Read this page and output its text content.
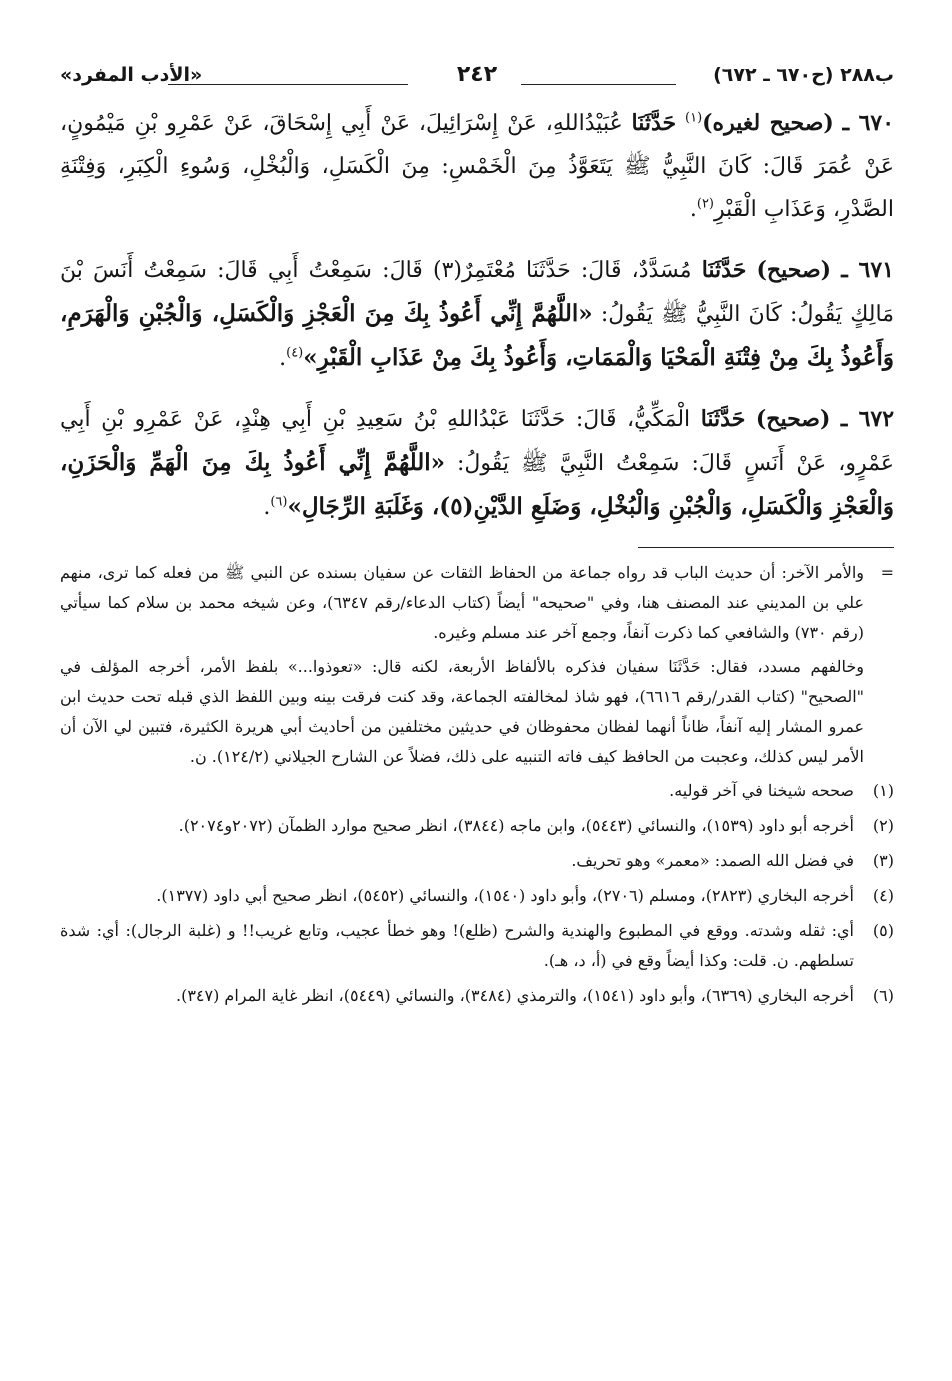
ب٢٨٨ (ح٦٧٠ ـ ٦٧٢)
٢٤٢
«الأدب المفرد»

٦٧٠ ـ (صحيح لغيره)$^{(١)}$ حَدَّثَنَا عُبَيْدُاللهِ، عَنْ إِسْرَائِيلَ، عَنْ أَبِي إِسْحَاقَ، عَنْ عَمْرِو بْنِ مَيْمُونٍ، عَنْ عُمَرَ قَالَ: كَانَ النَّبِيُّ ﷺ يَتَعَوَّذُ مِنَ الْخَمْسِ: مِنَ الْكَسَلِ، وَالْبُخْلِ، وَسُوءِ الْكِبَرِ، وَفِتْنَةِ الصَّدْرِ، وَعَذَابِ الْقَبْرِ$^{(٢)}$.

٦٧١ ـ (صحيح) حَدَّثَنَا مُسَدَّدٌ، قَالَ: حَدَّثَنَا مُعْتَمِرٌ(٣) قَالَ: سَمِعْتُ أَبِي قَالَ: سَمِعْتُ أَنَسَ بْنَ مَالِكٍ يَقُولُ: كَانَ النَّبِيُّ ﷺ يَقُولُ: «اللَّهُمَّ إِنِّي أَعُوذُ بِكَ مِنَ الْعَجْزِ وَالْكَسَلِ، وَالْجُبْنِ وَالْهَرَمِ، وَأَعُوذُ بِكَ مِنْ فِتْنَةِ الْمَحْيَا وَالْمَمَاتِ، وَأَعُوذُ بِكَ مِنْ عَذَابِ الْقَبْرِ»$^{(٤)}$.

٦٧٢ ـ (صحيح) حَدَّثَنَا الْمَكِّيُّ، قَالَ: حَدَّثَنَا عَبْدُاللهِ بْنُ سَعِيدِ بْنِ أَبِي هِنْدٍ، عَنْ عَمْرِو بْنِ أَبِي عَمْرٍو، عَنْ أَنَسٍ قَالَ: سَمِعْتُ النَّبِيَّ ﷺ يَقُولُ: «اللَّهُمَّ إِنِّي أَعُوذُ بِكَ مِنَ الْهَمِّ وَالْحَزَنِ، وَالْعَجْزِ وَالْكَسَلِ، وَالْجُبْنِ وَالْبُخْلِ، وَضَلَعِ الدَّيْنِ(٥)، وَغَلَبَةِ الرِّجَالِ»$^{(٦)}$.

=

والأمر الآخر: أن حديث الباب قد رواه جماعة من الحفاظ الثقات عن سفيان بسنده عن النبي ﷺ من فعله كما ترى، منهم علي بن المديني عند المصنف هنا، وفي "صحيحه" أيضاً (كتاب الدعاء/رقم ٦٣٤٧)، وعن شيخه محمد بن سلام كما سيأتي (رقم ٧٣٠) والشافعي كما ذكرت آنفاً، وجمع آخر عند مسلم وغيره.

وخالفهم مسدد، فقال: حَدَّثَنَا سفيان فذكره بالألفاظ الأربعة، لكنه قال: «تعوذوا...» بلفظ الأمر، أخرجه المؤلف في "الصحيح" (كتاب القدر/رقم ٦٦١٦)، فهو شاذ لمخالفته الجماعة، وقد كنت فرقت بينه وبين اللفظ الذي قبله تحت حديث ابن عمرو المشار إليه آنفاً، ظاناً أنهما لفظان محفوظان في حديثين مختلفين من أحاديث أبي هريرة الكثيرة، فتبين لي الآن أن الأمر ليس كذلك، وعجبت من الحافظ كيف فاته التنبيه على ذلك، فضلاً عن الشارح الجيلاني (١٢٤/٢). ن.

(١)
صححه شيخنا في آخر قوليه.
(٢)
أخرجه أبو داود (١٥٣٩)، والنسائي (٥٤٤٣)، وابن ماجه (٣٨٤٤)، انظر صحيح موارد الظمآن (٢٠٧٢و٢٠٧٤).
(٣)
في فضل الله الصمد: «معمر» وهو تحريف.
(٤)
أخرجه البخاري (٢٨٢٣)، ومسلم (٢٧٠٦)، وأبو داود (١٥٤٠)، والنسائي (٥٤٥٢)، انظر صحيح أبي داود (١٣٧٧).
(٥)
أي: ثقله وشدته. ووقع في المطبوع والهندية والشرح (ظلع)! وهو خطأ عجيب، وتابع غريب!! و (غلبة الرجال): أي: شدة تسلطهم. ن. قلت: وكذا أيضاً وقع في (أ، د، هـ).
(٦)
أخرجه البخاري (٦٣٦٩)، وأبو داود (١٥٤١)، والترمذي (٣٤٨٤)، والنسائي (٥٤٤٩)، انظر غاية المرام (٣٤٧).
